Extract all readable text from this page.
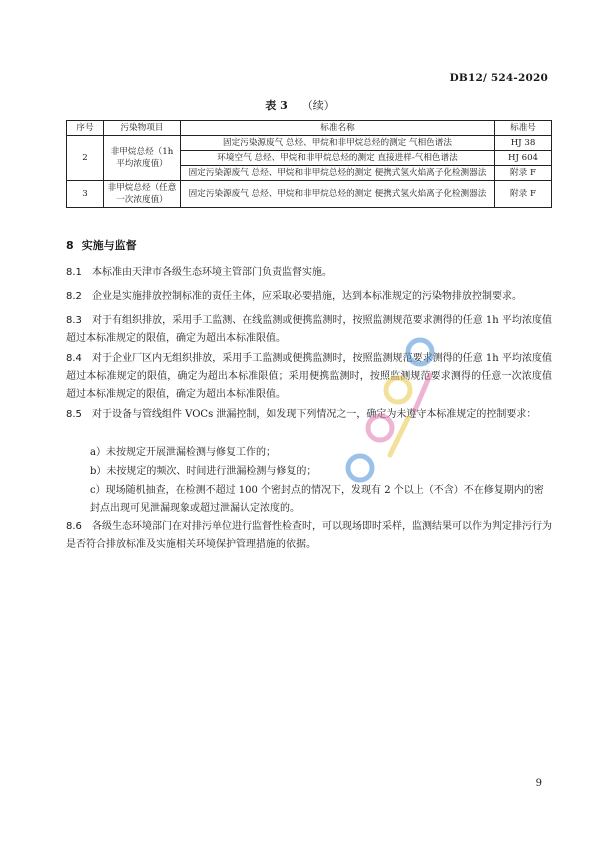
DB12/ 524-2020
表 3 （续）
序号	污染物项目	标准名称	标准号
2	非甲烷总烃（1h 平均浓度值）	固定污染源废气 总烃、甲烷和非甲烷总烃的测定 气相色谱法	HJ 38
		环境空气 总烃、甲烷和非甲烷总烃的测定 直接进样-气相色谱法	HJ 604
		固定污染源废气 总烃、甲烷和非甲烷总烃的测定 便携式氢火焰离子化检测器法	附录 F
3	非甲烷总烃（任意一次浓度值）	固定污染源废气 总烃、甲烷和非甲烷总烃的测定 便携式氢火焰离子化检测器法	附录 F
8 实施与监督
8.1 本标准由天津市各级生态环境主管部门负责监督实施。
8.2 企业是实施排放控制标准的责任主体，应采取必要措施，达到本标准规定的污染物排放控制要求。
8.3 对于有组织排放，采用手工监测、在线监测或便携监测时，按照监测规范要求测得的任意 1h 平均浓度值超过本标准规定的限值，确定为超出本标准限值。
8.4 对于企业厂区内无组织排放，采用手工监测或便携监测时，按照监测规范要求测得的任意 1h 平均浓度值超过本标准规定的限值，确定为超出本标准限值；采用便携监测时，按照监测规范要求测得的任意一次浓度值超过本标准规定的限值，确定为超出本标准限值。
8.5 对于设备与管线组件 VOCs 泄漏控制，如发现下列情况之一，确定为未遵守本标准规定的控制要求：
a）未按规定开展泄漏检测与修复工作的；
b）未按规定的频次、时间进行泄漏检测与修复的；
c）现场随机抽查，在检测不超过 100 个密封点的情况下，发现有 2 个以上（不含）不在修复期内的密封点出现可见泄漏现象或超过泄漏认定浓度的。
8.6 各级生态环境部门在对排污单位进行监督性检查时，可以现场即时采样，监测结果可以作为判定排污行为是否符合排放标准及实施相关环境保护管理措施的依据。
9
